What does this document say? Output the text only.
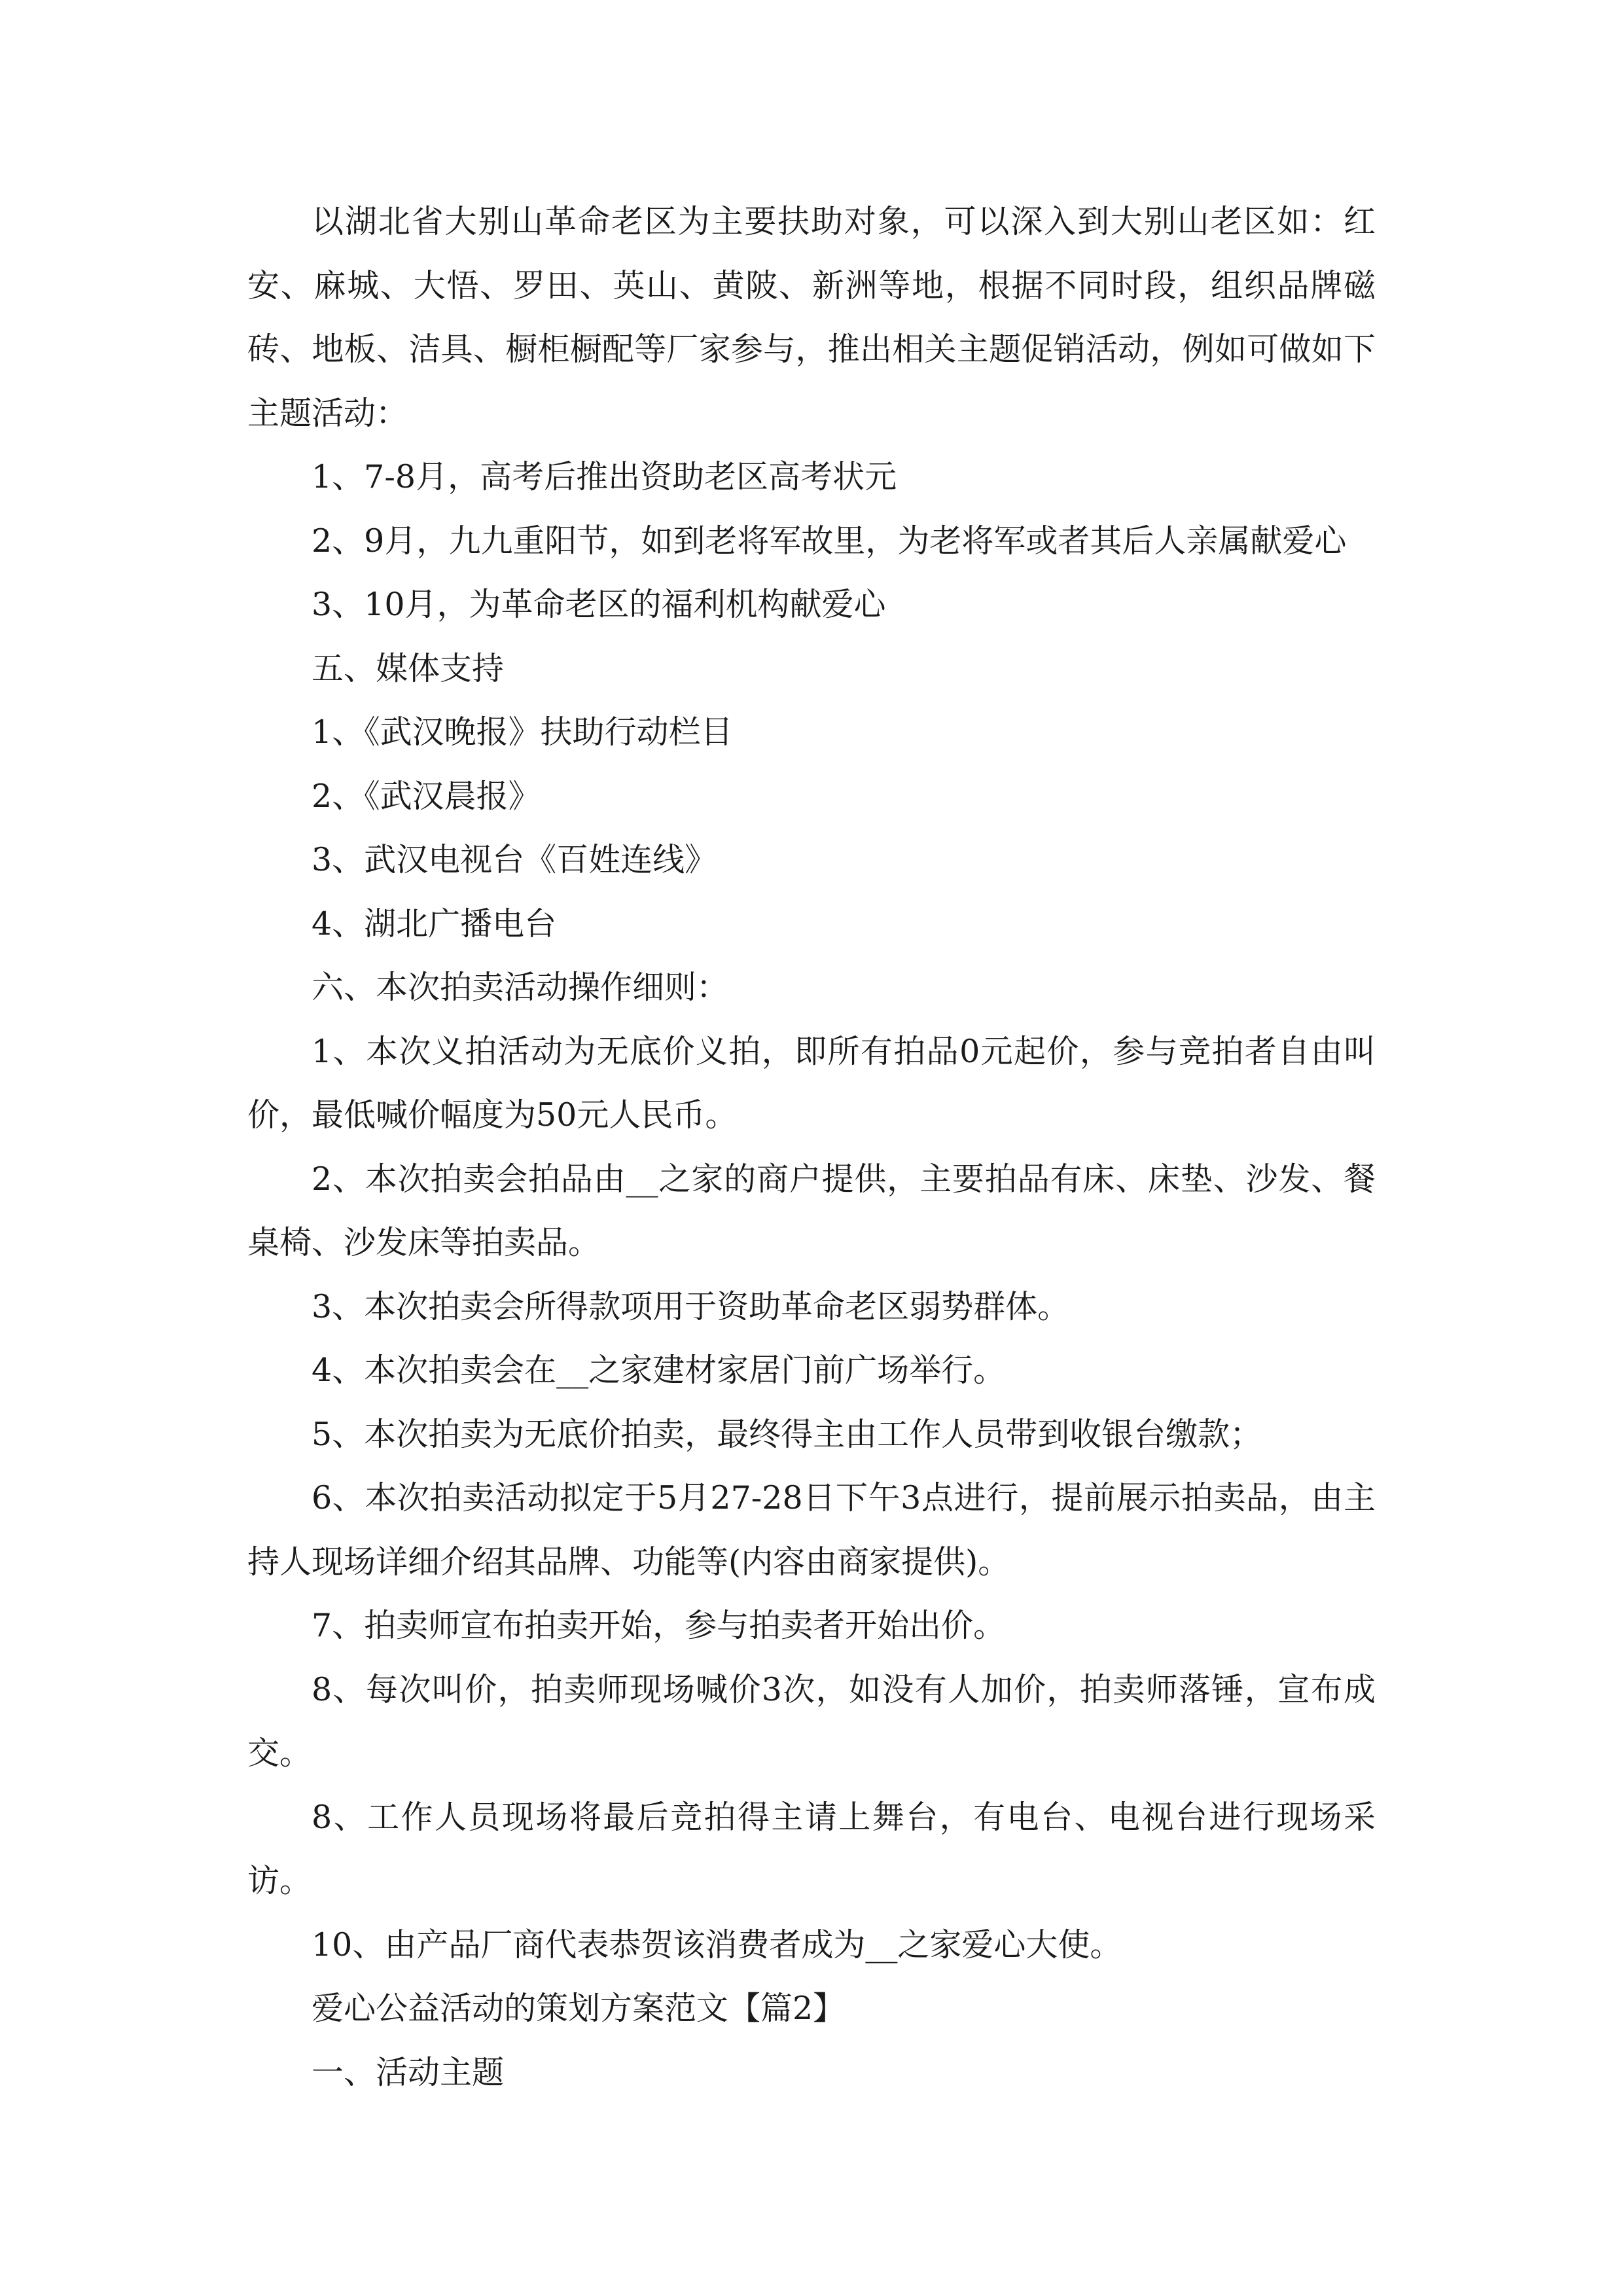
以湖北省大别山革命老区为主要扶助对象，可以深入到大别山老区如：红安、麻城、大悟、罗田、英山、黄陂、新洲等地，根据不同时段，组织品牌磁砖、地板、洁具、橱柜橱配等厂家参与，推出相关主题促销活动，例如可做如下主题活动：

1、7-8月，高考后推出资助老区高考状元

2、9月，九九重阳节，如到老将军故里，为老将军或者其后人亲属献爱心

3、10月，为革命老区的福利机构献爱心

五、媒体支持

1、《武汉晚报》扶助行动栏目

2、《武汉晨报》

3、武汉电视台《百姓连线》

4、湖北广播电台

六、本次拍卖活动操作细则：

1、本次义拍活动为无底价义拍，即所有拍品0元起价，参与竞拍者自由叫价，最低喊价幅度为50元人民币。

2、本次拍卖会拍品由__之家的商户提供，主要拍品有床、床垫、沙发、餐桌椅、沙发床等拍卖品。

3、本次拍卖会所得款项用于资助革命老区弱势群体。

4、本次拍卖会在__之家建材家居门前广场举行。

5、本次拍卖为无底价拍卖，最终得主由工作人员带到收银台缴款；

6、本次拍卖活动拟定于5月27-28日下午3点进行，提前展示拍卖品，由主持人现场详细介绍其品牌、功能等(内容由商家提供)。

7、拍卖师宣布拍卖开始，参与拍卖者开始出价。

8、每次叫价，拍卖师现场喊价3次，如没有人加价，拍卖师落锤，宣布成交。

8、工作人员现场将最后竞拍得主请上舞台，有电台、电视台进行现场采访。

10、由产品厂商代表恭贺该消费者成为__之家爱心大使。

爱心公益活动的策划方案范文【篇2】

一、活动主题
